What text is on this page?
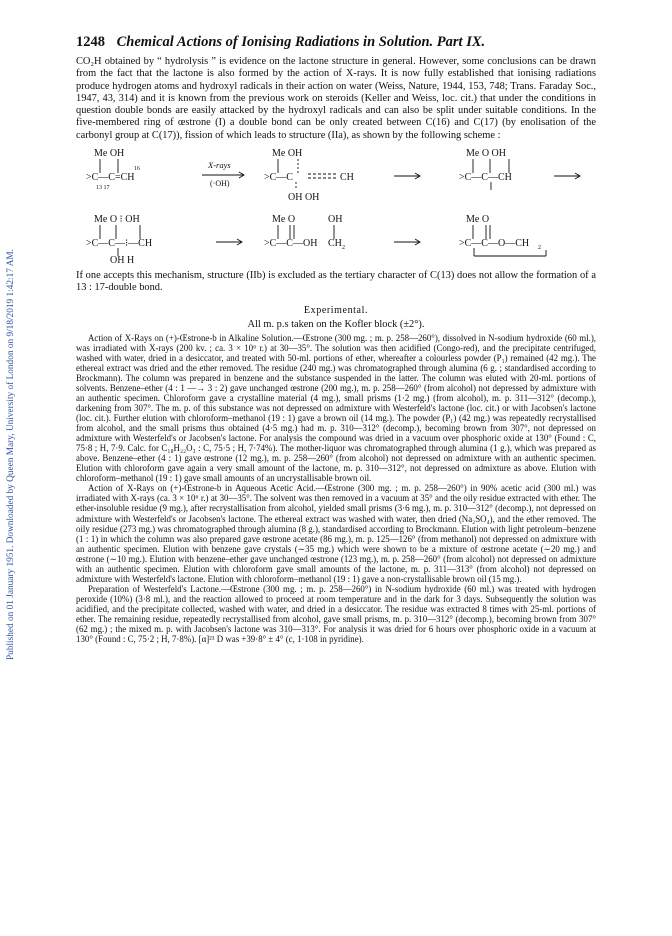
Published on 01 January 1951. Downloaded by Queen Mary, University of London on 9/18/2019 1:42:17 AM.
1248 Chemical Actions of Ionising Radiations in Solution. Part IX.

CO₂H obtained by “ hydrolysis ” is evidence on the lactone structure in general. However, some conclusions can be drawn from the fact that the lactone is also formed by the action of X-rays. It is now fully established that ionising radiations produce hydrogen atoms and hydroxyl radicals in their action on water (Weiss, Nature, 1944, 153, 748; Trans. Faraday Soc., 1947, 43, 314) and it is known from the previous work on steroids (Keller and Weiss, loc. cit.) that under the conditions in question double bonds are easily attacked by the hydroxyl radicals and can also be split under suitable conditions. In the five-membered ring of œstrone (I) a double bond can be only created between C(16) and C(17) (by enolisation of the carbonyl group at C(17)), fission of which leads to structure (IIa), as shown by the following scheme :

Me OH
>C—C=CH
16
13 17
X-rays
(·OH)
Me OH
>C—C	CH
OH OH
Me O OH
>C—C—CH
Me O ⁝ OH
>C—C—⁝—CH
OH H
Me O
>C—C—OH
OH
CH 2
Me O
>C—C—O—CH 2

If one accepts this mechanism, structure (IIb) is excluded as the tertiary character of C(13) does not allow the formation of a 13 : 17-double bond.

Experimental.
All m. p.s taken on the Kofler block (±2°).

Action of X-Rays on (+)-Œstrone-b in Alkaline Solution.—Œstrone (300 mg. ; m. p. 258—260°), dissolved in N-sodium hydroxide (60 ml.), was irradiated with X-rays (200 kv. ; ca. 3 × 10⁶ r.) at 30—35°. The solution was then acidified (Congo-red), and the precipitate centrifuged, washed with water, dried in a desiccator, and treated with 50-ml. portions of ether, whereafter a colourless powder (P₁) remained (42 mg.). The ethereal extract was dried and the ether removed. The residue (240 mg.) was chromatographed through alumina (6 g. ; standardised according to Brockmann). The column was prepared in benzene and the substance suspended in the latter. The column was eluted with 20-ml. portions of solvents. Benzene–ether (4 : 1 —→ 3 : 2) gave unchanged œstrone (200 mg.), m. p. 258—260° (from alcohol) not depressed by admixture with an authentic specimen. Chloroform gave a crystalline material (4 mg.), small prisms (1·2 mg.) (from alcohol), m. p. 311—312° (decomp.), darkening from 307°. The m. p. of this substance was not depressed on admixture with Westerfeld's lactone (loc. cit.) or with Jacobsen's lactone (loc. cit.). Further elution with chloroform–methanol (19 : 1) gave a brown oil (14 mg.). The powder (P₁) (42 mg.) was repeatedly recrystallised from alcohol, and the small prisms thus obtained (4·5 mg.) had m. p. 310—312° (decomp.), becoming brown from 307°, not depressed on admixture with Westerfeld's or Jacobsen's lactone. For analysis the compound was dried in a vacuum over phosphoric oxide at 130° (Found : C, 75·8 ; H, 7·9. Calc. for C₁₈H₂₂O₃ : C, 75·5 ; H, 7·74%). The mother-liquor was chromatographed through alumina (1 g.), which was prepared as above. Benzene–ether (4 : 1) gave œstrone (12 mg.), m. p. 258—260° (from alcohol) not depressed on admixture with an authentic specimen. Elution with chloroform gave again a very small amount of the lactone, m. p. 310—312°, not depressed on admixture as above. Elution with chloroform–methanol (19 : 1) gave small amounts of an uncrystallisable brown oil.

Action of X-Rays on (+)-Œstrone-b in Aqueous Acetic Acid.—Œstrone (300 mg. ; m. p. 258—260°) in 90% acetic acid (300 ml.) was irradiated with X-rays (ca. 3 × 10⁶ r.) at 30—35°. The solvent was then removed in a vacuum at 35° and the oily residue extracted with ether. The ether-insoluble residue (9 mg.), after recrystallisation from alcohol, yielded small prisms (3·6 mg.), m. p. 310—312° (decomp.), not depressed on admixture with Westerfeld's or Jacobsen's lactone. The ethereal extract was washed with water, then dried (Na₂SO₄), and the ether removed. The oily residue (273 mg.) was chromatographed through alumina (8 g.), standardised according to Brockmann. Elution with light petroleum–benzene (1 : 1) in which the column was also prepared gave œstrone acetate (86 mg.), m. p. 125—126° (from methanol) not depressed on admixture with an authentic specimen. Elution with benzene gave crystals (∼35 mg.) which were shown to be a mixture of œstrone acetate (∼20 mg.) and œstrone (∼10 mg.). Elution with benzene–ether gave unchanged œstrone (123 mg.), m. p. 258—260° (from alcohol) not depressed on admixture with an authentic specimen. Elution with chloroform gave small amounts of the lactone, m. p. 311—313° (from alcohol) not depressed on admixture with Westerfeld's lactone. Elution with chloroform–methanol (19 : 1) gave a non-crystallisable brown oil (15 mg.).

Preparation of Westerfeld's Lactone.—Œstrone (300 mg. ; m. p. 258—260°) in N-sodium hydroxide (60 ml.) was treated with hydrogen peroxide (10%) (3·8 ml.), and the reaction allowed to proceed at room temperature and in the dark for 3 days. Subsequently the solution was acidified, and the precipitate collected, washed with water, and dried in a desiccator. The residue was extracted 8 times with 25-ml. portions of ether. The remaining residue, repeatedly recrystallised from alcohol, gave small prisms, m. p. 310—312° (decomp.), becoming brown from 307° (62 mg.) ; the mixed m. p. with Jacobsen's lactone was 310—313°. For analysis it was dried for 6 hours over phosphoric oxide in a vacuum at 130° (Found : C, 75·2 ; H, 7·8%). [α]²¹ D was +39·8° ± 4° (c, 1·108 in pyridine).
